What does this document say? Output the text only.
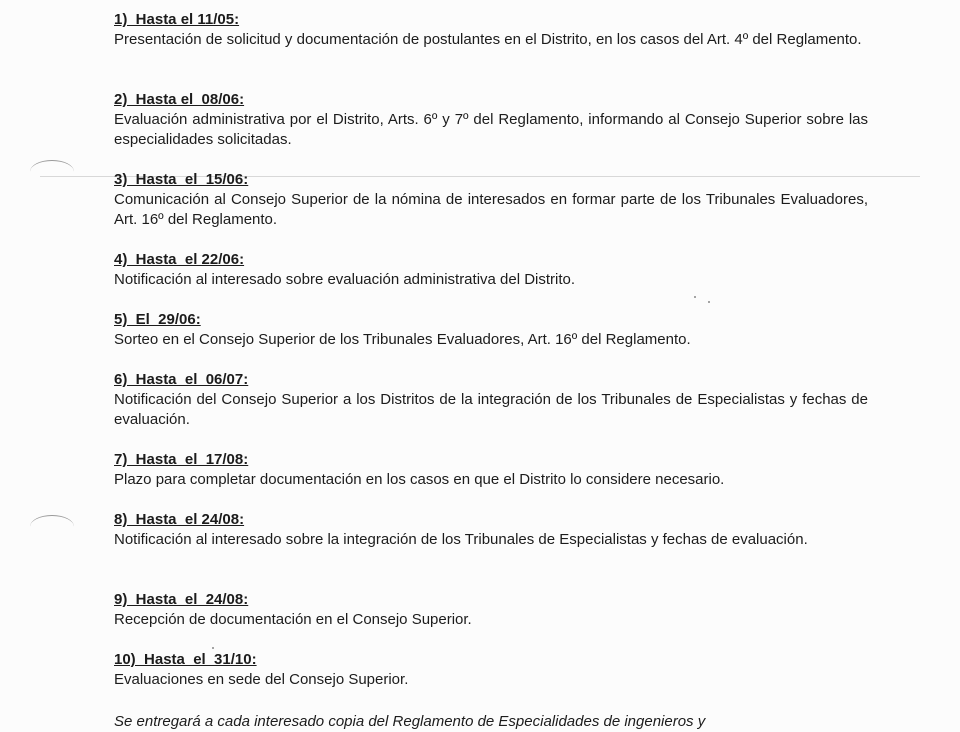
1)  Hasta el 11/05:
Presentación de solicitud y documentación de postulantes en el Distrito, en los casos del Art. 4º del Reglamento.
2)  Hasta el  08/06:
Evaluación administrativa por el Distrito, Arts. 6º y 7º del Reglamento, informando al Consejo Superior sobre las especialidades solicitadas.
3)  Hasta  el  15/06:
Comunicación al Consejo Superior de la nómina de interesados en formar parte de los Tribunales Evaluadores, Art. 16º del Reglamento.
4)  Hasta  el 22/06:
Notificación al interesado sobre evaluación administrativa del Distrito.
5)  El  29/06:
Sorteo en el Consejo Superior de los Tribunales Evaluadores, Art. 16º del Reglamento.
6)  Hasta  el  06/07:
Notificación del Consejo Superior a los Distritos de la integración de los Tribunales de Especialistas y fechas de evaluación.
7)  Hasta  el  17/08:
Plazo para completar documentación en los casos en que el Distrito lo considere necesario.
8)  Hasta  el 24/08:
Notificación al interesado sobre la integración de los Tribunales de Especialistas y fechas de evaluación.
9)  Hasta  el  24/08:
Recepción de documentación en el Consejo Superior.
10)  Hasta  el  31/10:
Evaluaciones en sede del Consejo Superior.
Se entregará a cada interesado copia del Reglamento de Especialidades de ingenieros y
